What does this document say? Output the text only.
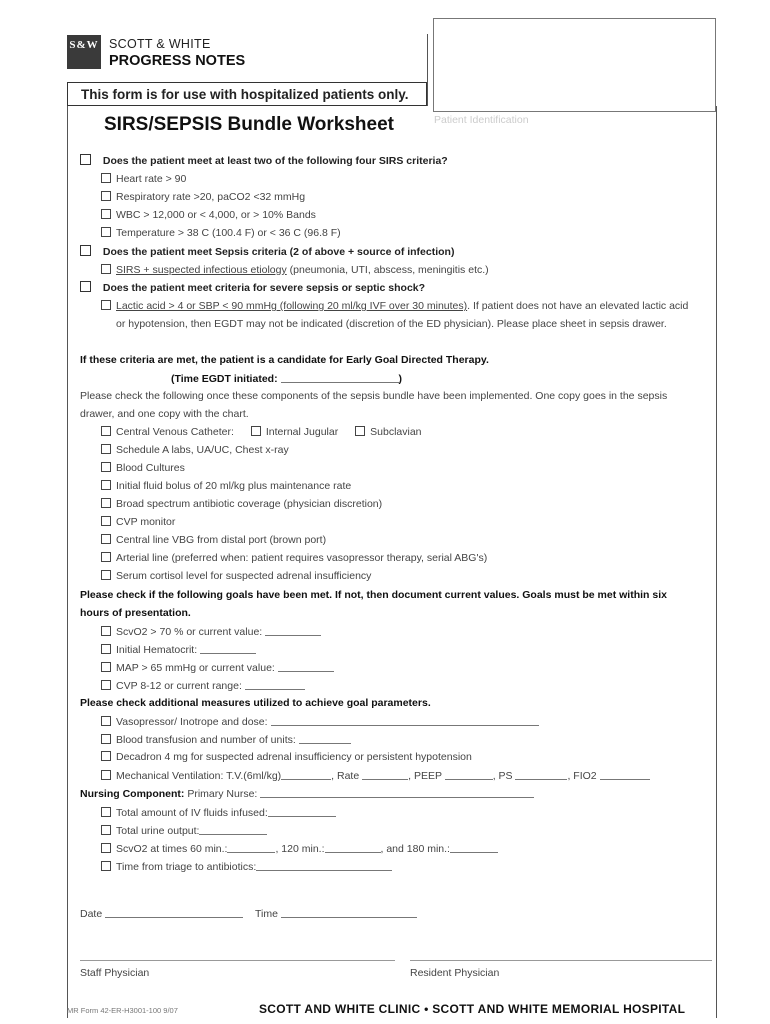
S&W SCOTT & WHITE
PROGRESS NOTES
This form is for use with hospitalized patients only.
Patient Identification
SIRS/SEPSIS Bundle Worksheet
Does the patient meet at least two of the following four SIRS criteria?
Heart rate > 90
Respiratory rate >20, paCO2 <32 mmHg
WBC > 12,000 or < 4,000, or > 10% Bands
Temperature > 38 C (100.4 F) or < 36 C (96.8 F)
Does the patient meet Sepsis criteria (2 of above + source of infection)
SIRS + suspected infectious etiology (pneumonia, UTI, abscess, meningitis etc.)
Does the patient meet criteria for severe sepsis or septic shock?
Lactic acid > 4 or SBP < 90 mmHg (following 20 ml/kg IVF over 30 minutes). If patient does not have an elevated lactic acid
or hypotension, then EGDT may not be indicated (discretion of the ED physician). Please place sheet in sepsis drawer.
If these criteria are met, the patient is a candidate for Early Goal Directed Therapy.
(Time EGDT initiated:	)
Please check the following once these components of the sepsis bundle have been implemented. One copy goes in the sepsis
drawer, and one copy with the chart.
Central Venous Catheter:	Internal Jugular	Subclavian
Schedule A labs, UA/UC, Chest x-ray
Blood Cultures
Initial fluid bolus of 20 ml/kg plus maintenance rate
Broad spectrum antibiotic coverage (physician discretion)
CVP monitor
Central line VBG from distal port (brown port)
Arterial line (preferred when: patient requires vasopressor therapy, serial ABG's)
Serum cortisol level for suspected adrenal insufficiency
Please check if the following goals have been met. If not, then document current values. Goals must be met within six
hours of presentation.
ScvO2 > 70 % or current value:
Initial Hematocrit:
MAP > 65 mmHg or current value:
CVP 8-12 or current range:
Please check additional measures utilized to achieve goal parameters.
Vasopressor/ Inotrope and dose:
Blood transfusion and number of units:
Decadron 4 mg for suspected adrenal insufficiency or persistent hypotension
Mechanical Ventilation: T.V.(6ml/kg)	, Rate	, PEEP	, PS	, FIO2
Nursing Component: Primary Nurse:
Total amount of IV fluids infused:
Total urine output:
ScvO2 at times 60 min.:	, 120 min.:	, and 180 min.:
Time from triage to antibiotics:
Date	Time
Staff Physician	Resident Physician
MR Form 42-ER-H3001-100 9/07	SCOTT AND WHITE CLINIC • SCOTT AND WHITE MEMORIAL HOSPITAL
